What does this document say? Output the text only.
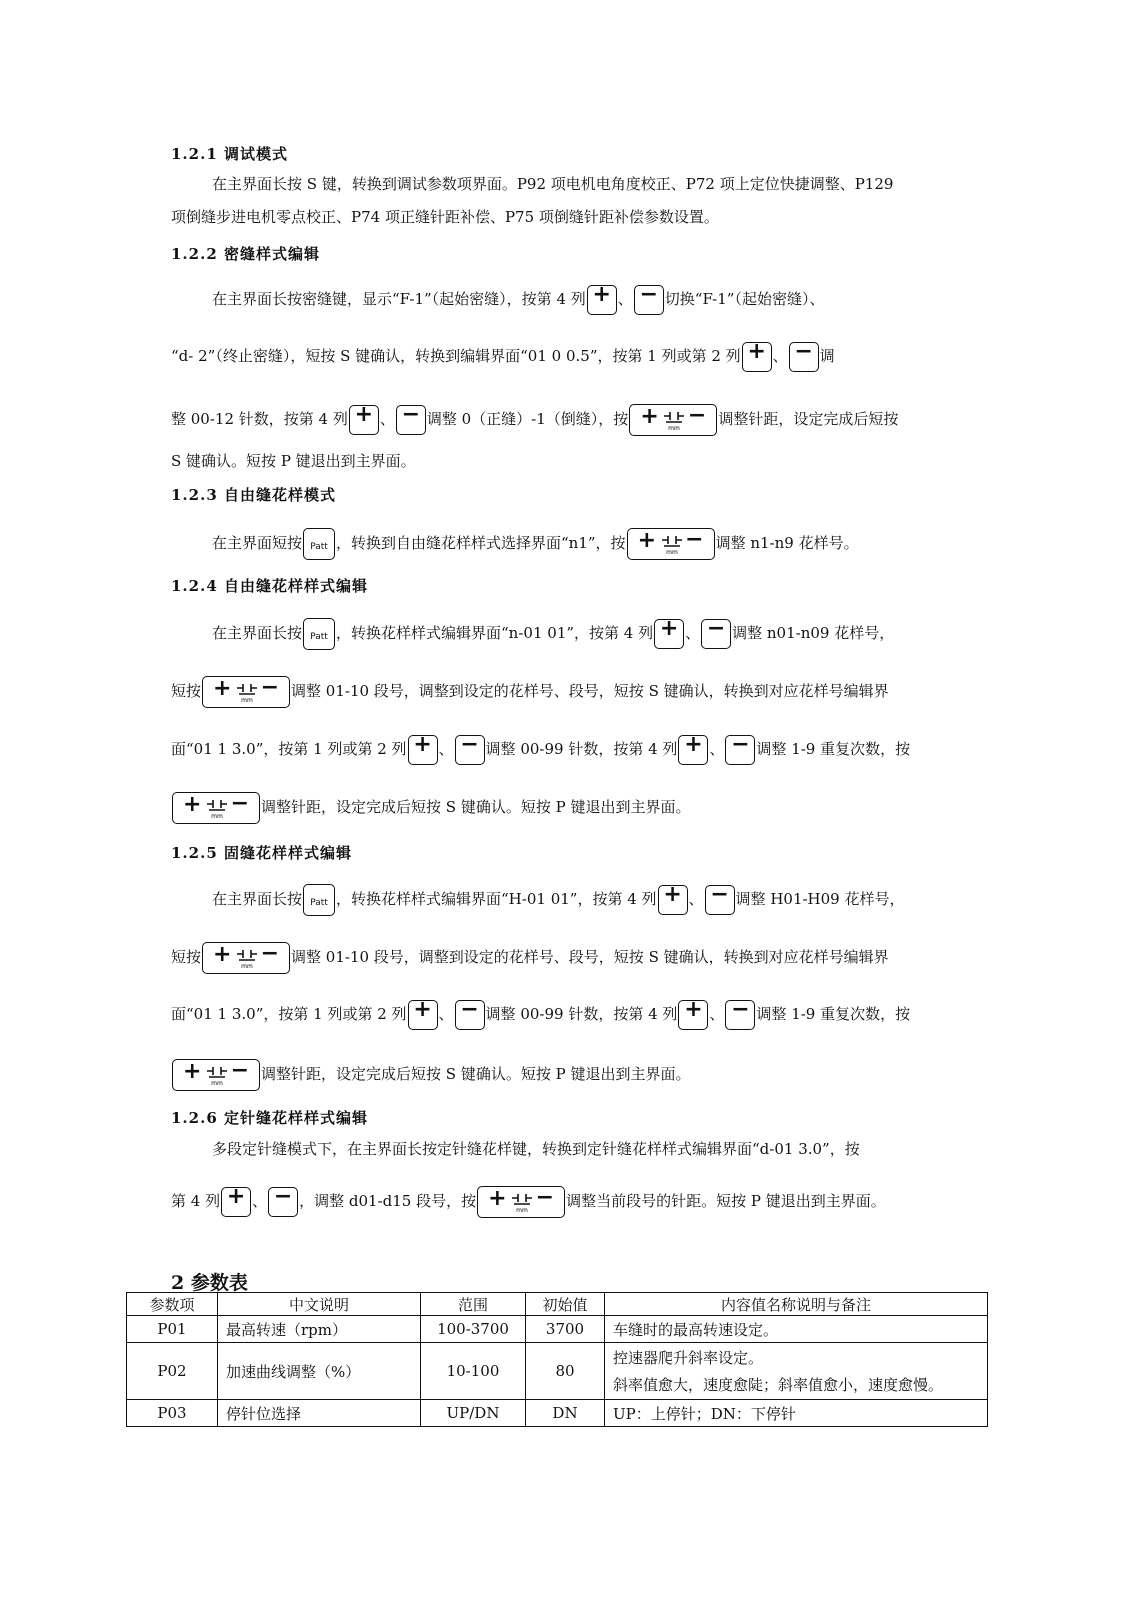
1.2.1 调试模式
在主界面长按 S 键，转换到调试参数项界面。P92 项电机电角度校正、P72 项上定位快捷调整、P129
项倒缝步进电机零点校正、P74 项正缝针距补偿、P75 项倒缝针距补偿参数设置。
1.2.2 密缝样式编辑
在主界面长按密缝键，显示“F-1”（起始密缝），按第 4 列 + 、 − 切换“F-1”（起始密缝）、
“d- 2”（终止密缝），短按 S 键确认，转换到编辑界面“01 0 0.5”，按第 1 列或第 2 列 + 、 − 调
整 00-12 针数，按第 4 列 + 、 − 调整 0（正缝）-1（倒缝），按 + mm
− 调整针距，设定完成后短按
S 键确认。短按 P 键退出到主界面。
1.2.3 自由缝花样模式
在主界面短按 Patt ，转换到自由缝花样样式选择界面“n1”，按 + mm
− 调整 n1-n9 花样号。
1.2.4 自由缝花样样式编辑
在主界面长按 Patt ，转换花样样式编辑界面“n-01 01”，按第 4 列 + 、 − 调整 n01-n09 花样号，
短按 + mm
− 调整 01-10 段号，调整到设定的花样号、段号，短按 S 键确认，转换到对应花样号编辑界
面“01 1 3.0”，按第 1 列或第 2 列 + 、 − 调整 00-99 针数，按第 4 列 + 、 − 调整 1-9 重复次数，按
+ mm
− 调整针距，设定完成后短按 S 键确认。短按 P 键退出到主界面。
1.2.5 固缝花样样式编辑
在主界面长按 Patt ，转换花样样式编辑界面“H-01 01”，按第 4 列 + 、 − 调整 H01-H09 花样号，
短按 + mm
− 调整 01-10 段号，调整到设定的花样号、段号，短按 S 键确认，转换到对应花样号编辑界
面“01 1 3.0”，按第 1 列或第 2 列 + 、 − 调整 00-99 针数，按第 4 列 + 、 − 调整 1-9 重复次数，按
+ mm
− 调整针距，设定完成后短按 S 键确认。短按 P 键退出到主界面。
1.2.6 定针缝花样样式编辑
多段定针缝模式下，在主界面长按定针缝花样键，转换到定针缝花样样式编辑界面“d-01 3.0”，按
第 4 列 + 、 − ，调整 d01-d15 段号，按 + mm
− 调整当前段号的针距。短按 P 键退出到主界面。
2 参数表
参数项	中文说明	范围	初始值	内容值名称说明与备注
P01	最高转速（rpm）	100-3700	3700	车缝时的最高转速设定。
P02	加速曲线调整（%）	10-100	80	控速器爬升斜率设定。
斜率值愈大，速度愈陡；斜率值愈小，速度愈慢。

P03	停针位选择	UP/DN	DN	UP：上停针；DN：下停针
